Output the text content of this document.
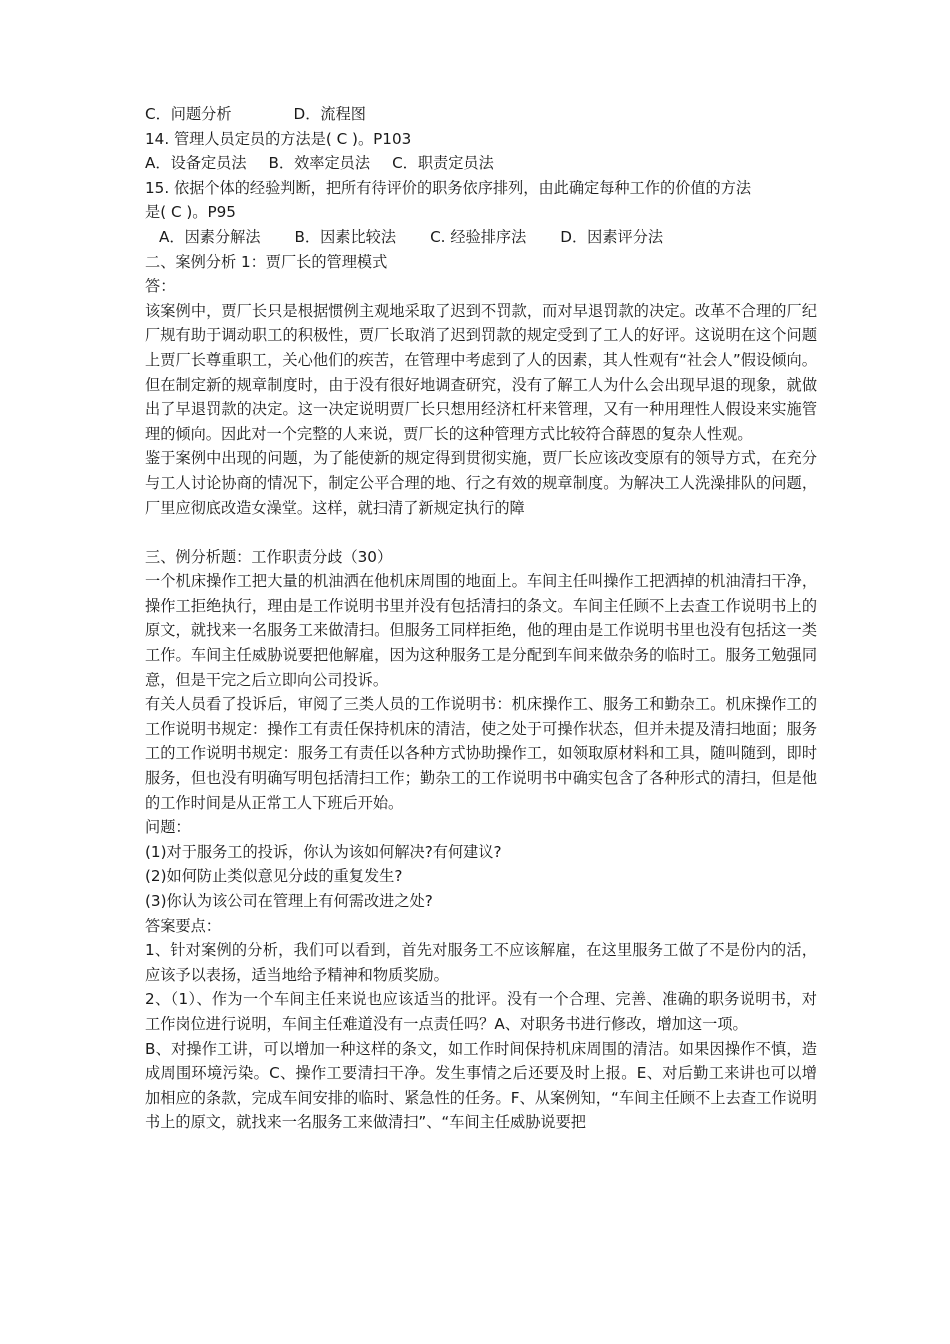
C．问题分析	D．流程图
14. 管理人员定员的方法是( C )。P103
A．设备定员法 B．效率定员法 C．职责定员法
15. 依据个体的经验判断，把所有待评价的职务依序排列，由此确定每种工作的价值的方法
是( C )。P95
A．因素分解法 B．因素比较法 C. 经验排序法 D．因素评分法
二、案例分析 1：贾厂长的管理模式
答：
该案例中，贾厂长只是根据惯例主观地采取了迟到不罚款，而对早退罚款的决定。改革不合理的厂纪厂规有助于调动职工的积极性，贾厂长取消了迟到罚款的规定受到了工人的好评。这说明在这个问题上贾厂长尊重职工，关心他们的疾苦，在管理中考虑到了人的因素，其人性观有“社会人”假设倾向。但在制定新的规章制度时，由于没有很好地调查研究，没有了解工人为什么会出现早退的现象，就做出了早退罚款的决定。这一决定说明贾厂长只想用经济杠杆来管理，又有一种用理性人假设来实施管理的倾向。因此对一个完整的人来说，贾厂长的这种管理方式比较符合薛恩的复杂人性观。
鉴于案例中出现的问题，为了能使新的规定得到贯彻实施，贾厂长应该改变原有的领导方式，在充分与工人讨论协商的情况下，制定公平合理的地、行之有效的规章制度。为解决工人洗澡排队的问题，厂里应彻底改造女澡堂。这样，就扫清了新规定执行的障
三、例分析题：工作职责分歧（30）
一个机床操作工把大量的机油洒在他机床周围的地面上。车间主任叫操作工把洒掉的机油清扫干净，操作工拒绝执行，理由是工作说明书里并没有包括清扫的条文。车间主任顾不上去查工作说明书上的原文，就找来一名服务工来做清扫。但服务工同样拒绝，他的理由是工作说明书里也没有包括这一类工作。车间主任威胁说要把他解雇，因为这种服务工是分配到车间来做杂务的临时工。服务工勉强同意，但是干完之后立即向公司投诉。
有关人员看了投诉后，审阅了三类人员的工作说明书：机床操作工、服务工和勤杂工。机床操作工的工作说明书规定：操作工有责任保持机床的清洁，使之处于可操作状态，但并未提及清扫地面；服务工的工作说明书规定：服务工有责任以各种方式协助操作工，如领取原材料和工具，随叫随到，即时服务，但也没有明确写明包括清扫工作；勤杂工的工作说明书中确实包含了各种形式的清扫，但是他的工作时间是从正常工人下班后开始。
问题：
(1)对于服务工的投诉，你认为该如何解决?有何建议?
(2)如何防止类似意见分歧的重复发生?
(3)你认为该公司在管理上有何需改进之处?
答案要点：
1、针对案例的分析，我们可以看到，首先对服务工不应该解雇，在这里服务工做了不是份内的活，应该予以表扬，适当地给予精神和物质奖励。
2、（1）、作为一个车间主任来说也应该适当的批评。没有一个合理、完善、准确的职务说明书，对工作岗位进行说明，车间主任难道没有一点责任吗？A、对职务书进行修改，增加这一项。
B、对操作工讲，可以增加一种这样的条文，如工作时间保持机床周围的清洁。如果因操作不慎，造成周围环境污染。C、操作工要清扫干净。发生事情之后还要及时上报。E、对后勤工来讲也可以增加相应的条款，完成车间安排的临时、紧急性的任务。F、从案例知，“车间主任顾不上去查工作说明书上的原文，就找来一名服务工来做清扫”、“车间主任威胁说要把
